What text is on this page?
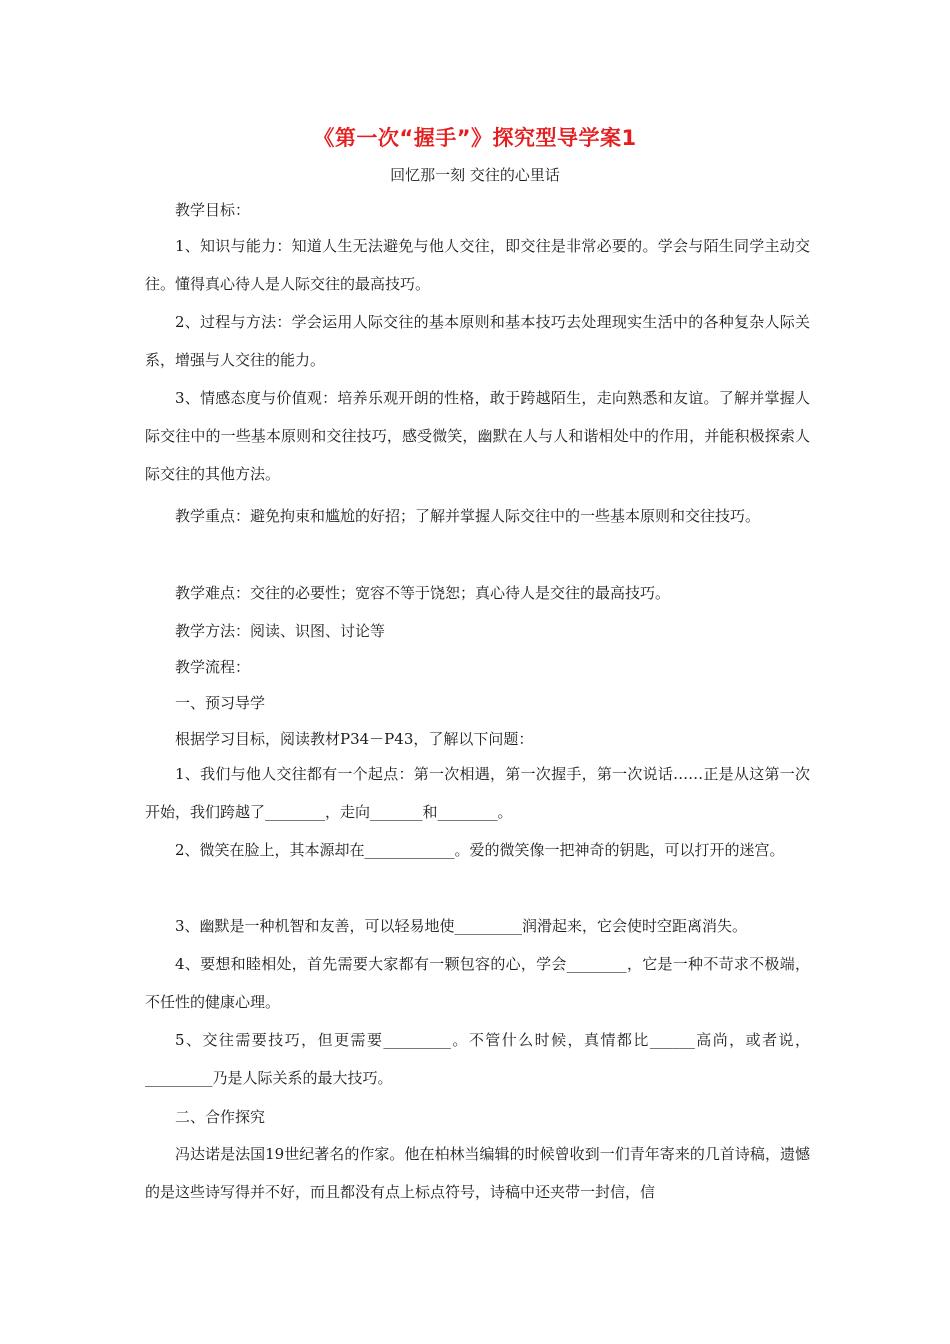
《第一次“握手”》探究型导学案1
回忆那一刻 交往的心里话

教学目标：

1、知识与能力：知道人生无法避免与他人交往，即交往是非常必要的。学会与陌生同学主动交往。懂得真心待人是人际交往的最高技巧。

2、过程与方法：学会运用人际交往的基本原则和基本技巧去处理现实生活中的各种复杂人际关系，增强与人交往的能力。

3、情感态度与价值观：培养乐观开朗的性格，敢于跨越陌生，走向熟悉和友谊。了解并掌握人际交往中的一些基本原则和交往技巧，感受微笑，幽默在人与人和谐相处中的作用，并能积极探索人际交往的其他方法。

教学重点：避免拘束和尴尬的好招；了解并掌握人际交往中的一些基本原则和交往技巧。

教学难点：交往的必要性；宽容不等于饶恕；真心待人是交往的最高技巧。

教学方法：阅读、识图、讨论等

教学流程：

一、预习导学

根据学习目标，阅读教材P34－P43，了解以下问题：

1、我们与他人交往都有一个起点：第一次相遇，第一次握手，第一次说话……正是从这第一次开始，我们跨越了________，走向_______和________。

2、微笑在脸上，其本源却在____________。爱的微笑像一把神奇的钥匙，可以打开的迷宫。

3、幽默是一种机智和友善，可以轻易地使_________润滑起来，它会使时空距离消失。

4、要想和睦相处，首先需要大家都有一颗包容的心，学会________，它是一种不苛求不极端，不任性的健康心理。

5、交往需要技巧，但更需要_________。不管什么时候，真情都比______高尚，或者说，_________乃是人际关系的最大技巧。

二、合作探究

冯达诺是法国19世纪著名的作家。他在柏林当编辑的时候曾收到一们青年寄来的几首诗稿，遗憾的是这些诗写得并不好，而且都没有点上标点符号，诗稿中还夹带一封信，信
